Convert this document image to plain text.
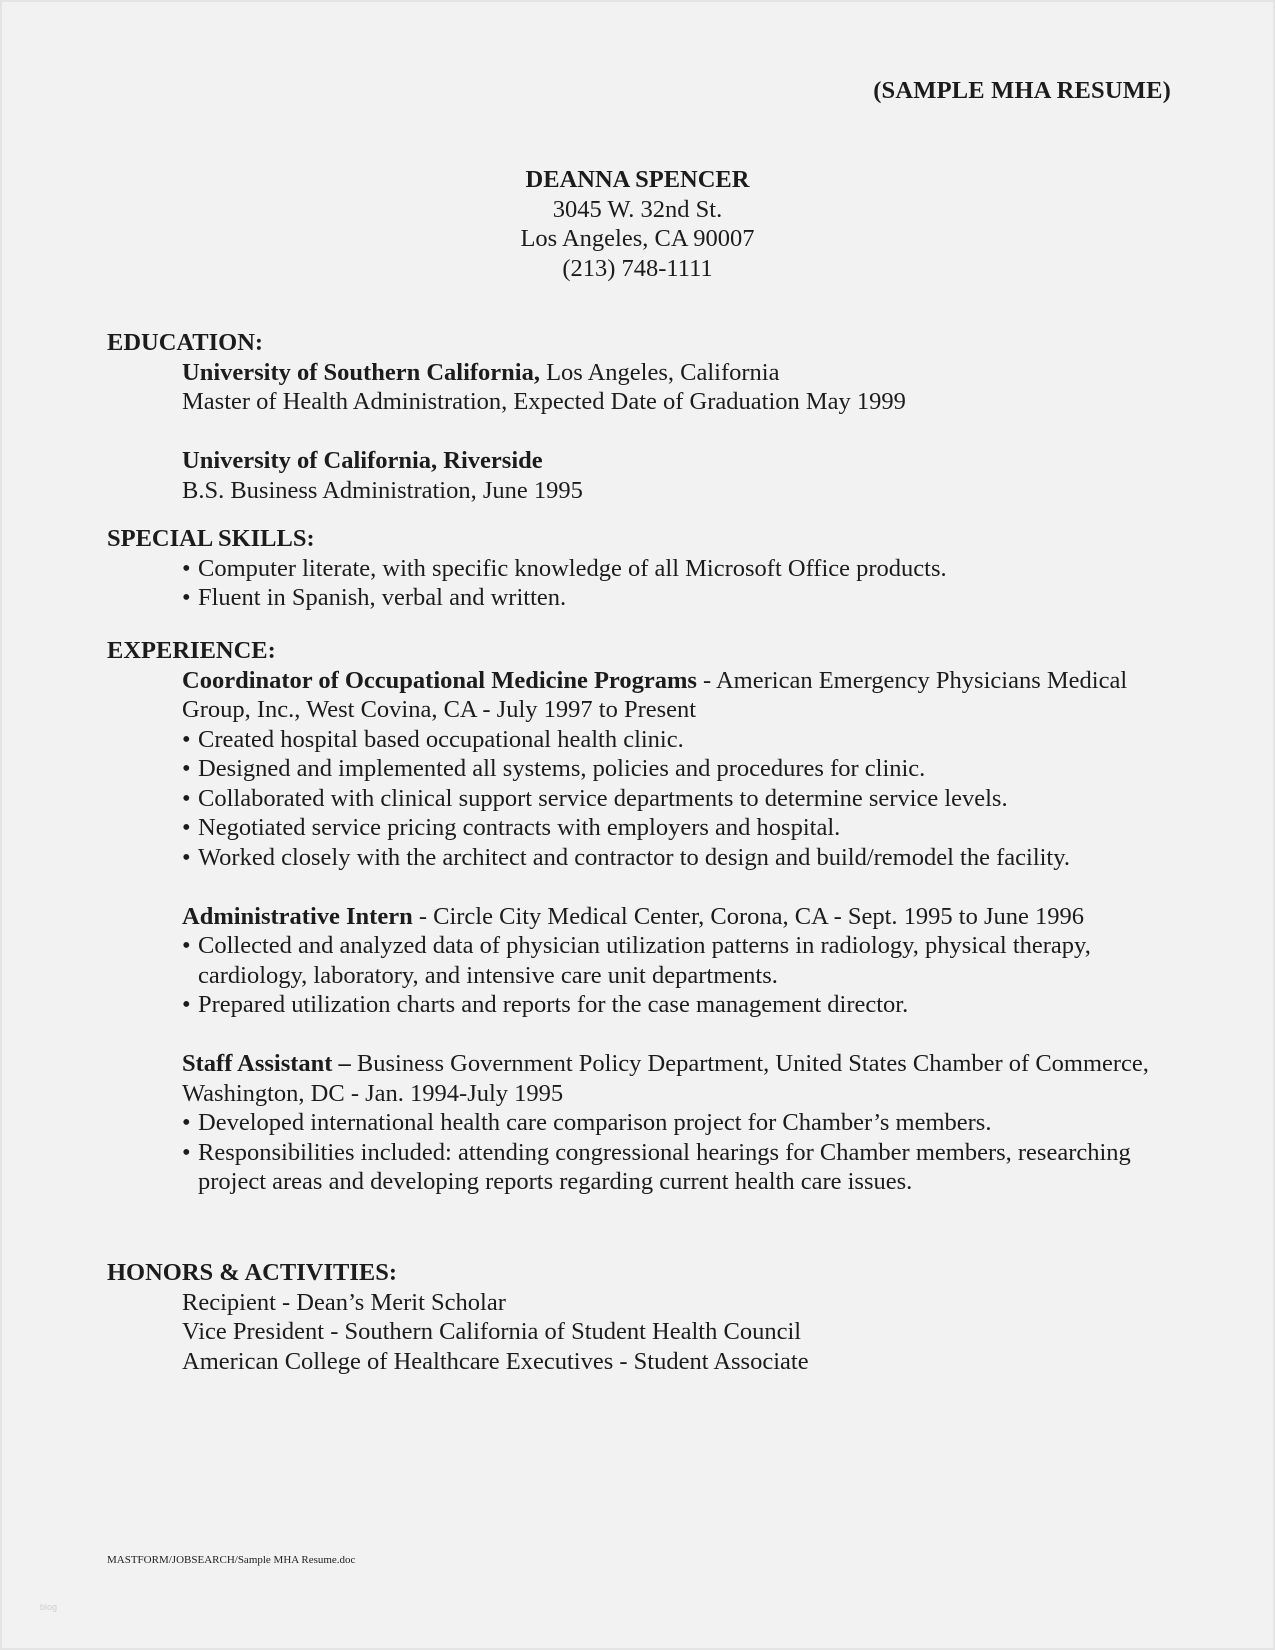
(SAMPLE MHA RESUME)
DEANNA SPENCER
3045 W. 32nd St.
Los Angeles, CA 90007
(213) 748-1111
EDUCATION:
University of Southern California, Los Angeles, California
Master of Health Administration, Expected Date of Graduation May 1999
University of California, Riverside
B.S. Business Administration, June 1995
SPECIAL SKILLS:
• Computer literate, with specific knowledge of all Microsoft Office products.
• Fluent in Spanish, verbal and written.
EXPERIENCE:
Coordinator of Occupational Medicine Programs - American Emergency Physicians Medical
Group, Inc., West Covina, CA - July 1997 to Present
• Created hospital based occupational health clinic.
• Designed and implemented all systems, policies and procedures for clinic.
• Collaborated with clinical support service departments to determine service levels.
• Negotiated service pricing contracts with employers and hospital.
• Worked closely with the architect and contractor to design and build/remodel the facility.
Administrative Intern - Circle City Medical Center, Corona, CA - Sept. 1995 to June 1996
• Collected and analyzed data of physician utilization patterns in radiology, physical therapy,
cardiology, laboratory, and intensive care unit departments.
• Prepared utilization charts and reports for the case management director.
Staff Assistant – Business Government Policy Department, United States Chamber of Commerce,
Washington, DC - Jan. 1994-July 1995
• Developed international health care comparison project for Chamber’s members.
• Responsibilities included: attending congressional hearings for Chamber members, researching
project areas and developing reports regarding current health care issues.
HONORS & ACTIVITIES:
Recipient - Dean’s Merit Scholar
Vice President - Southern California of Student Health Council
American College of Healthcare Executives - Student Associate
MASTFORM/JOBSEARCH/Sample MHA Resume.doc
blog
